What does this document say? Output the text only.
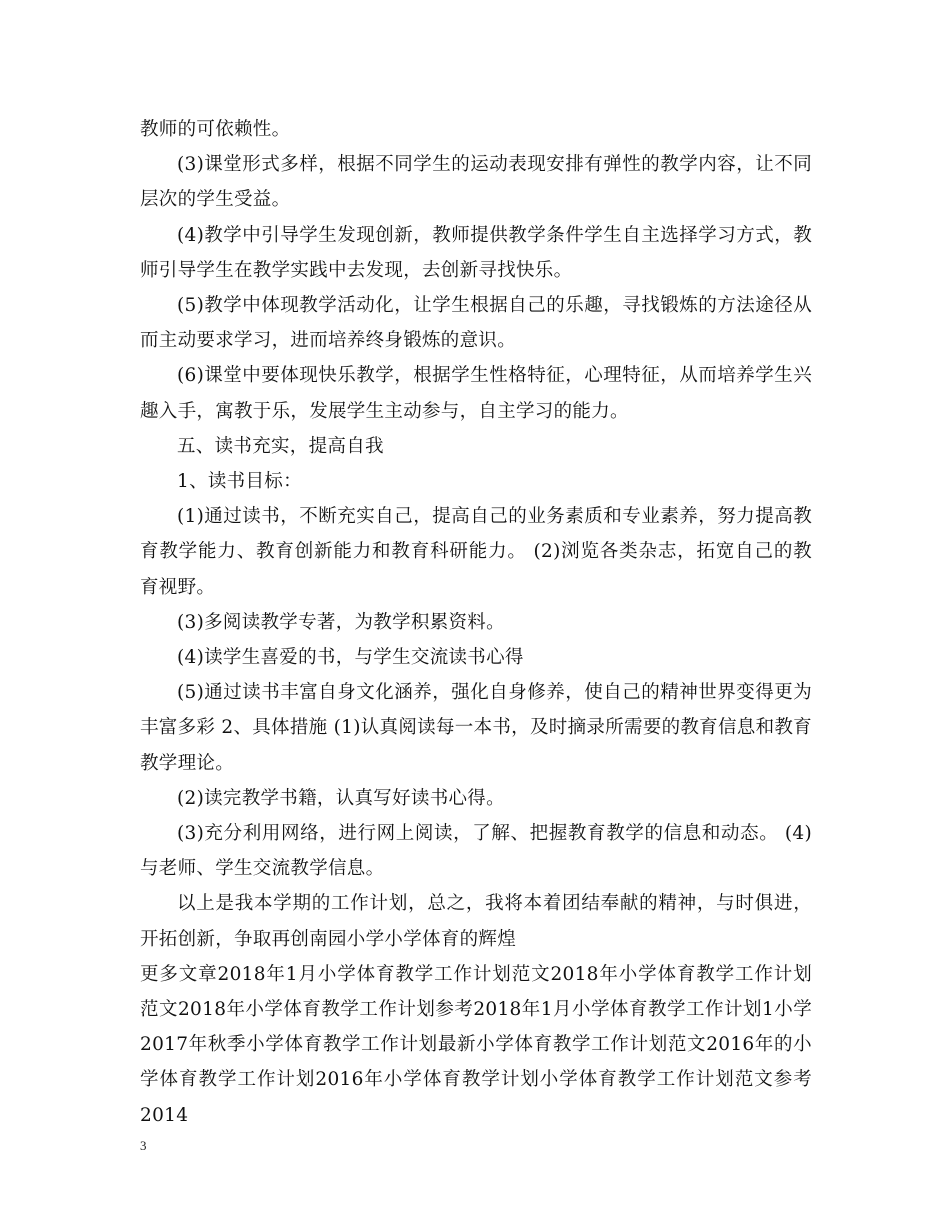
教师的可依赖性。

(3)课堂形式多样，根据不同学生的运动表现安排有弹性的教学内容，让不同层次的学生受益。

(4)教学中引导学生发现创新，教师提供教学条件学生自主选择学习方式，教师引导学生在教学实践中去发现，去创新寻找快乐。

(5)教学中体现教学活动化，让学生根据自己的乐趣，寻找锻炼的方法途径从而主动要求学习，进而培养终身锻炼的意识。

(6)课堂中要体现快乐教学，根据学生性格特征，心理特征，从而培养学生兴趣入手，寓教于乐，发展学生主动参与，自主学习的能力。

五、读书充实，提高自我

1、读书目标：

(1)通过读书，不断充实自己，提高自己的业务素质和专业素养，努力提高教育教学能力、教育创新能力和教育科研能力。 (2)浏览各类杂志，拓宽自己的教育视野。

(3)多阅读教学专著，为教学积累资料。

(4)读学生喜爱的书，与学生交流读书心得

(5)通过读书丰富自身文化涵养，强化自身修养，使自己的精神世界变得更为丰富多彩 2、具体措施 (1)认真阅读每一本书，及时摘录所需要的教育信息和教育教学理论。

(2)读完教学书籍，认真写好读书心得。

(3)充分利用网络，进行网上阅读，了解、把握教育教学的信息和动态。 (4)与老师、学生交流教学信息。

以上是我本学期的工作计划，总之，我将本着团结奉献的精神，与时俱进，开拓创新，争取再创南园小学小学体育的辉煌

更多文章2018年1月小学体育教学工作计划范文2018年小学体育教学工作计划范文2018年小学体育教学工作计划参考2018年1月小学体育教学工作计划1小学2017年秋季小学体育教学工作计划最新小学体育教学工作计划范文2016年的小学体育教学工作计划2016年小学体育教学计划小学体育教学工作计划范文参考2014

3
